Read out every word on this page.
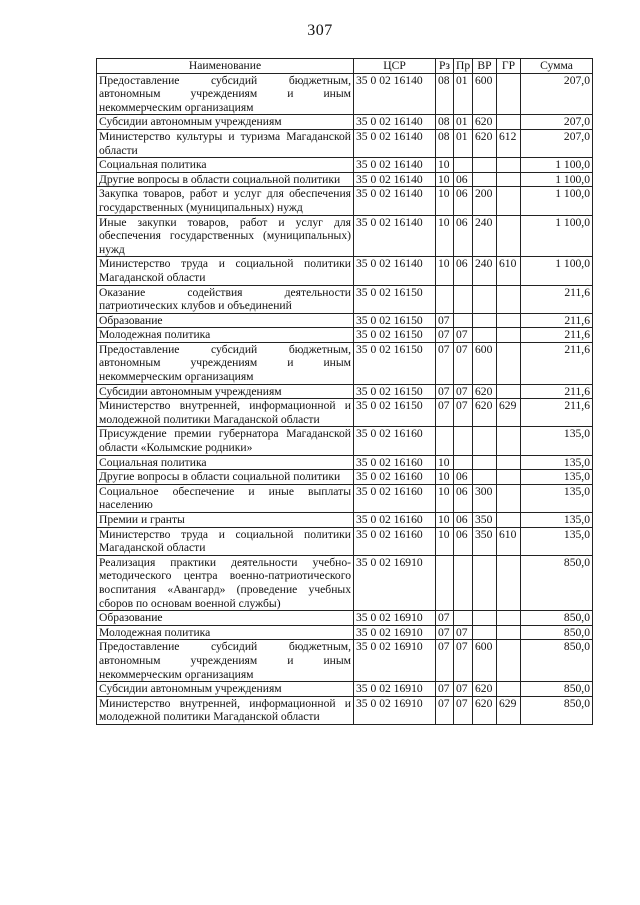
307
Наименование	ЦСР	Рз	Пр	ВР	ГР	Сумма
Предоставление субсидий бюджетным, автономным учреждениям и иным некоммерческим организациям	35 0 02 16140	08	01	600		207,0
Субсидии автономным учреждениям	35 0 02 16140	08	01	620		207,0
Министерство культуры и туризма Магаданской области	35 0 02 16140	08	01	620	612	207,0
Социальная политика	35 0 02 16140	10				1 100,0
Другие вопросы в области социальной политики	35 0 02 16140	10	06			1 100,0
Закупка товаров, работ и услуг для обеспечения государственных (муниципальных) нужд	35 0 02 16140	10	06	200		1 100,0
Иные закупки товаров, работ и услуг для обеспечения государственных (муниципальных) нужд	35 0 02 16140	10	06	240		1 100,0
Министерство труда и социальной политики Магаданской области	35 0 02 16140	10	06	240	610	1 100,0
Оказание содействия деятельности патриотических клубов и объединений	35 0 02 16150					211,6
Образование	35 0 02 16150	07				211,6
Молодежная политика	35 0 02 16150	07	07			211,6
Предоставление субсидий бюджетным, автономным учреждениям и иным некоммерческим организациям	35 0 02 16150	07	07	600		211,6
Субсидии автономным учреждениям	35 0 02 16150	07	07	620		211,6
Министерство внутренней, информационной и молодежной политики Магаданской области	35 0 02 16150	07	07	620	629	211,6
Присуждение премии губернатора Магаданской области «Колымские родники»	35 0 02 16160					135,0
Социальная политика	35 0 02 16160	10				135,0
Другие вопросы в области социальной политики	35 0 02 16160	10	06			135,0
Социальное обеспечение и иные выплаты населению	35 0 02 16160	10	06	300		135,0
Премии и гранты	35 0 02 16160	10	06	350		135,0
Министерство труда и социальной политики Магаданской области	35 0 02 16160	10	06	350	610	135,0
Реализация практики деятельности учебно-методического центра военно-патриотического воспитания «Авангард» (проведение учебных сборов по основам военной службы)	35 0 02 16910					850,0
Образование	35 0 02 16910	07				850,0
Молодежная политика	35 0 02 16910	07	07			850,0
Предоставление субсидий бюджетным, автономным учреждениям и иным некоммерческим организациям	35 0 02 16910	07	07	600		850,0
Субсидии автономным учреждениям	35 0 02 16910	07	07	620		850,0
Министерство внутренней, информационной и молодежной политики Магаданской области	35 0 02 16910	07	07	620	629	850,0
